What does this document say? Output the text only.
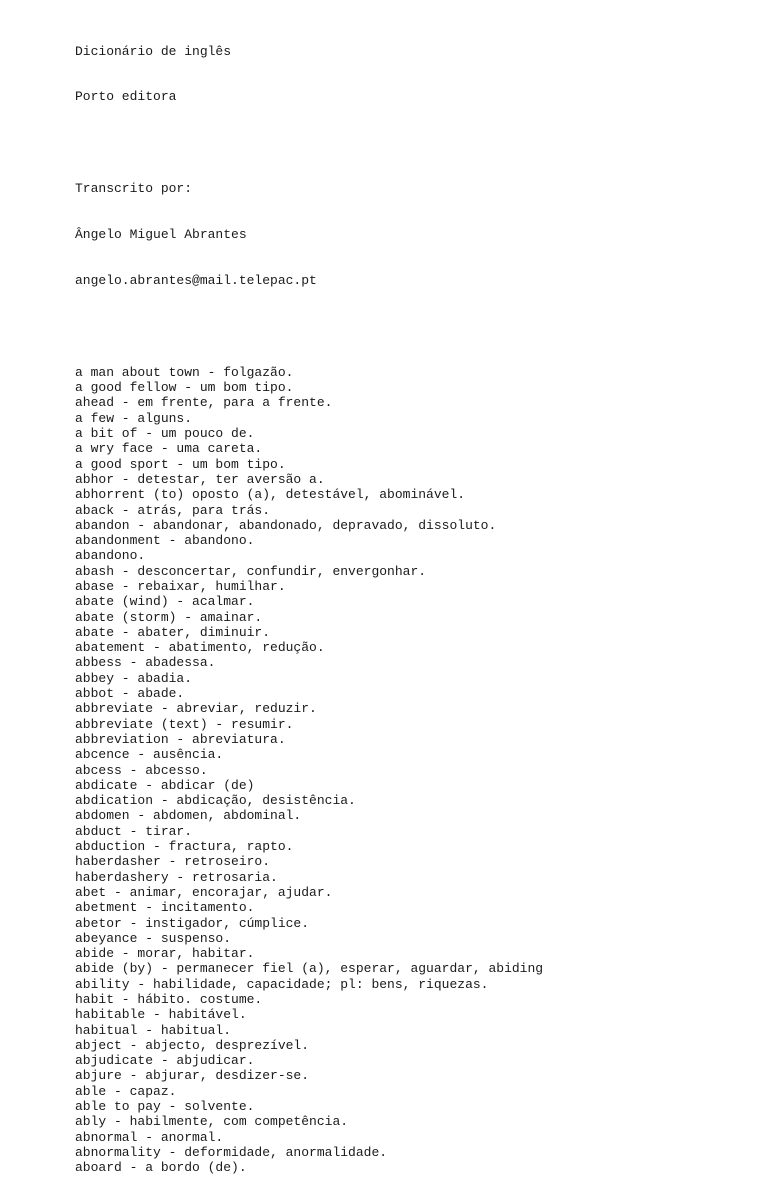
Dicionário de inglês

Porto editora

Transcrito por:

Ângelo Miguel Abrantes

angelo.abrantes@mail.telepac.pt

a man about town - folgazão.
a good fellow - um bom tipo.
ahead - em frente, para a frente.
a few - alguns.
a bit of - um pouco de.
a wry face - uma careta.
a good sport - um bom tipo.
abhor - detestar, ter aversão a.
abhorrent (to) oposto (a), detestável, abominável.
aback - atrás, para trás.
abandon - abandonar, abandonado, depravado, dissoluto.
abandonment - abandono.
abandono.
abash - desconcertar, confundir, envergonhar.
abase - rebaixar, humilhar.
abate (wind) - acalmar.
abate (storm) - amainar.
abate - abater, diminuir.
abatement - abatimento, redução.
abbess - abadessa.
abbey - abadia.
abbot - abade.
abbreviate - abreviar, reduzir.
abbreviate (text) - resumir.
abbreviation - abreviatura.
abcence - ausência.
abcess - abcesso.
abdicate - abdicar (de)
abdication - abdicação, desistência.
abdomen - abdomen, abdominal.
abduct - tirar.
abduction - fractura, rapto.
haberdasher - retroseiro.
haberdashery - retrosaria.
abet - animar, encorajar, ajudar.
abetment - incitamento.
abetor - instigador, cúmplice.
abeyance - suspenso.
abide - morar, habitar.
abide (by) - permanecer fiel (a), esperar, aguardar, abiding
ability - habilidade, capacidade; pl: bens, riquezas.
habit - hábito. costume.
habitable - habitável.
habitual - habitual.
abject - abjecto, desprezível.
abjudicate - abjudicar.
abjure - abjurar, desdizer-se.
able - capaz.
able to pay - solvente.
ably - habilmente, com competência.
abnormal - anormal.
abnormality - deformidade, anormalidade.
aboard - a bordo (de).
